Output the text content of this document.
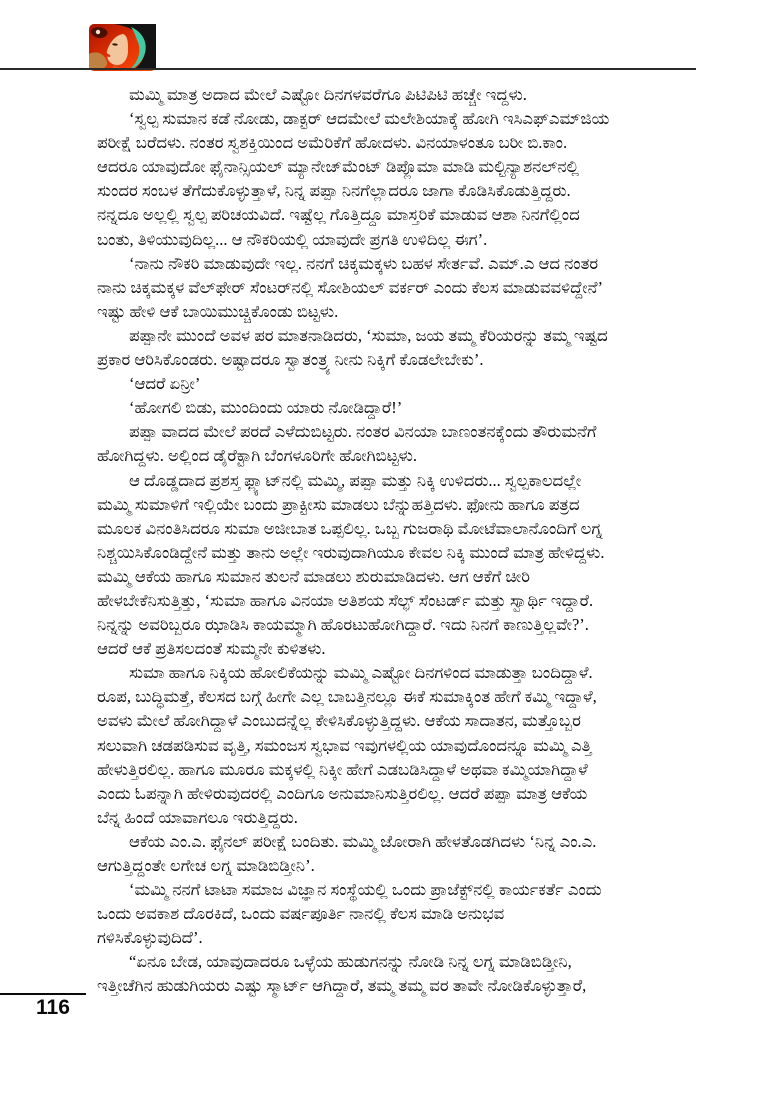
ಮಮ್ಮಿ ಮಾತ್ರ ಅದಾದ ಮೇಲೆ ಎಷ್ಟೋ ದಿನಗಳವರೆಗೂ ಪಿಟಿಪಿಟಿ ಹಚ್ಚೇ ಇದ್ದಳು.
‘ಸ್ವಲ್ಪ ಸುಮಾನ ಕಡೆ ನೋಡು, ಡಾಕ್ಟರ್ ಆದಮೇಲೆ ಮಲೇಶಿಯಾಕ್ಕೆ ಹೋಗಿ ಇಸಿಎಫ್‌ಎಮ್‌ಜಿಯ
ಪರೀಕ್ಷೆ ಬರೆದಳು. ನಂತರ ಸ್ವಶಕ್ತಿಯಿಂದ ಅಮೆರಿಕೆಗೆ ಹೋದಳು. ವಿನಯಾಳಂತೂ ಬರೀ ಬಿ.ಕಾಂ.
ಆದರೂ ಯಾವುದೋ ಫೈನಾನ್ಸಿಯಲ್ ಮ್ಯಾನೇಜ್‌ಮೆಂಟ್ ಡಿಪ್ಲೊಮಾ ಮಾಡಿ ಮಲ್ಟಿನ್ಯಾಶನಲ್‌ನಲ್ಲಿ
ಸುಂದರ ಸಂಬಳ ತೆಗೆದುಕೊಳ್ಳುತ್ತಾಳೆ, ನಿನ್ನ ಪಪ್ಪಾ ನಿನಗೆಲ್ಲಾದರೂ ಜಾಗಾ ಕೊಡಿಸಿಕೊಡುತ್ತಿದ್ದರು.
ನನ್ನದೂ ಅಲ್ಲಲ್ಲಿ ಸ್ವಲ್ಪ ಪರಿಚಯವಿದೆ. ಇಷ್ಟೆಲ್ಲ ಗೊತ್ತಿದ್ದೂ ಮಾಸ್ತರಿಕೆ ಮಾಡುವ ಆಶಾ ನಿನಗೆಲ್ಲಿಂದ
ಬಂತು, ತಿಳಿಯುವುದಿಲ್ಲ... ಆ ನೌಕರಿಯಲ್ಲಿ ಯಾವುದೇ ಪ್ರಗತಿ ಉಳಿದಿಲ್ಲ ಈಗ’.
‘ನಾನು ನೌಕರಿ ಮಾಡುವುದೇ ಇಲ್ಲ. ನನಗೆ ಚಿಕ್ಕಮಕ್ಕಳು ಬಹಳ ಸೇರ್ತವೆ. ಎಮ್.ಎ ಆದ ನಂತರ
ನಾನು ಚಿಕ್ಕಮಕ್ಕಳ ವೆಲ್‌ಫೇರ್ ಸೆಂಟರ್‌ನಲ್ಲಿ ಸೋಶಿಯಲ್ ವರ್ಕರ್ ಎಂದು ಕೆಲಸ ಮಾಡುವವಳಿದ್ದೇನೆ’
ಇಷ್ಟು ಹೇಳಿ ಆಕೆ ಬಾಯಿಮುಚ್ಚಿಕೊಂಡು ಬಿಟ್ಟಳು.
ಪಪ್ಪಾನೇ ಮುಂದೆ ಅವಳ ಪರ ಮಾತನಾಡಿದರು, ‘ಸುಮಾ, ಜಯ ತಮ್ಮ ಕೆರಿಯರನ್ನು ತಮ್ಮ ಇಷ್ಟದ
ಪ್ರಕಾರ ಆರಿಸಿಕೊಂಡರು. ಅಷ್ಟಾದರೂ ಸ್ವಾತಂತ್ರ್ಯ ನೀನು ನಿಕ್ಕಿಗೆ ಕೊಡಲೇಬೇಕು’.
‘ಆದರೆ ಏನ್ರೀ’
‘ಹೋಗಲಿ ಬಿಡು, ಮುಂದಿಂದು ಯಾರು ನೋಡಿದ್ದಾರೆ!’
ಪಪ್ಪಾ ವಾದದ ಮೇಲೆ ಪರದೆ ಎಳೆದುಬಿಟ್ಟರು. ನಂತರ ವಿನಯಾ ಬಾಣಂತನಕ್ಕೆಂದು ತೌರುಮನೆಗೆ
ಹೋಗಿದ್ದಳು. ಅಲ್ಲಿಂದ ಡೈರೆಕ್ಟಾಗಿ ಬೆಂಗಳೂರಿಗೇ ಹೋಗಿಬಿಟ್ಟಳು.
ಆ ದೊಡ್ಡದಾದ ಪ್ರಶಸ್ತ ಫ್ಲ್ಯಾಟ್‌ನಲ್ಲಿ ಮಮ್ಮಿ, ಪಪ್ಪಾ ಮತ್ತು ನಿಕ್ಕಿ ಉಳಿದರು... ಸ್ವಲ್ಪಕಾಲದಲ್ಲೇ
ಮಮ್ಮಿ ಸುಮಾಳಿಗೆ ಇಲ್ಲಿಯೇ ಬಂದು ಪ್ರಾಕ್ಟೀಸು ಮಾಡಲು ಬೆನ್ನುಹತ್ತಿದಳು. ಫೋನು ಹಾಗೂ ಪತ್ರದ
ಮೂಲಕ ವಿನಂತಿಸಿದರೂ ಸುಮಾ ಅಜೀಬಾತ ಒಪ್ಪಲಿಲ್ಲ. ಒಬ್ಬ ಗುಜರಾಥಿ ಮೋಟೆವಾಲಾನೊಂದಿಗೆ ಲಗ್ನ
ನಿಶ್ಚಯಿಸಿಕೊಂಡಿದ್ದೇನೆ ಮತ್ತು ತಾನು ಅಲ್ಲೇ ಇರುವುದಾಗಿಯೂ ಕೇವಲ ನಿಕ್ಕಿ ಮುಂದೆ ಮಾತ್ರ ಹೇಳಿದ್ದಳು.
ಮಮ್ಮಿ ಆಕೆಯ ಹಾಗೂ ಸುಮಾನ ತುಲನೆ ಮಾಡಲು ಶುರುಮಾಡಿದಳು. ಆಗ ಆಕೆಗೆ ಚೀರಿ
ಹೇಳಬೇಕೆನಿಸುತ್ತಿತ್ತು, ‘ಸುಮಾ ಹಾಗೂ ವಿನಯಾ ಅತಿಶಯ ಸೆಲ್ಫ್ ಸೆಂಟರ್ಡ್ ಮತ್ತು ಸ್ವಾರ್ಥಿ ಇದ್ದಾರೆ.
ನಿನ್ನನ್ನು ಅವರಿಬ್ಬರೂ ಝಾಡಿಸಿ ಕಾಯಮ್ಮಾಗಿ ಹೊರಟುಹೋಗಿದ್ದಾರೆ. ಇದು ನಿನಗೆ ಕಾಣುತ್ತಿಲ್ಲವೇ?’.
ಆದರೆ ಆಕೆ ಪ್ರತಿಸಲದಂತೆ ಸುಮ್ಮನೇ ಕುಳಿತಳು.
ಸುಮಾ ಹಾಗೂ ನಿಕ್ಕಿಯ ಹೋಲಿಕೆಯನ್ನು ಮಮ್ಮಿ ಎಷ್ಟೋ ದಿನಗಳಿಂದ ಮಾಡುತ್ತಾ ಬಂದಿದ್ದಾಳೆ.
ರೂಪ, ಬುದ್ಧಿಮತ್ತೆ, ಕೆಲಸದ ಬಗ್ಗೆ ಹೀಗೇ ಎಲ್ಲ ಬಾಬತ್ತಿನಲ್ಲೂ ಈಕೆ ಸುಮಾಕ್ಕಿಂತ ಹೇಗೆ ಕಮ್ಮಿ ಇದ್ದಾಳೆ,
ಅವಳು ಮೇಲೆ ಹೋಗಿದ್ದಾಳೆ ಎಂಬುದನ್ನೆಲ್ಲ ಕೇಳಿಸಿಕೊಳ್ಳುತ್ತಿದ್ದಳು. ಆಕೆಯ ಸಾದಾತನ, ಮತ್ತೊಬ್ಬರ
ಸಲುವಾಗಿ ಚಡಪಡಿಸುವ ವೃತ್ತಿ, ಸಮಂಜಸ ಸ್ವಭಾವ ಇವುಗಳಲ್ಲಿಯ ಯಾವುದೊಂದನ್ನೂ ಮಮ್ಮಿ ಎತ್ತಿ
ಹೇಳುತ್ತಿರಲಿಲ್ಲ. ಹಾಗೂ ಮೂರೂ ಮಕ್ಕಳಲ್ಲಿ ನಿಕ್ಕೀ ಹೇಗೆ ಎಡಬಡಿಸಿದ್ದಾಳೆ ಅಥವಾ ಕಮ್ಮಿಯಾಗಿದ್ದಾಳೆ
ಎಂದು ಓಪನ್ನಾಗಿ ಹೇಳಿರುವುದರಲ್ಲಿ ಎಂದಿಗೂ ಅನುಮಾನಿಸುತ್ತಿರಲಿಲ್ಲ. ಆದರೆ ಪಪ್ಪಾ ಮಾತ್ರ ಆಕೆಯ
ಬೆನ್ನ ಹಿಂದೆ ಯಾವಾಗಲೂ ಇರುತ್ತಿದ್ದರು.
ಆಕೆಯ ಎಂ.ಎ. ಫೈನಲ್ ಪರೀಕ್ಷೆ ಬಂದಿತು. ಮಮ್ಮಿ ಜೋರಾಗಿ ಹೇಳತೊಡಗಿದಳು ‘ನಿನ್ನ ಎಂ.ಎ.
ಆಗುತ್ತಿದ್ದಂತೇ ಲಗೇಚ ಲಗ್ನ ಮಾಡಿಬಿಡ್ತೀನಿ’.
‘ಮಮ್ಮಿ ನನಗೆ ಟಾಟಾ ಸಮಾಜ ವಿಜ್ಞಾನ ಸಂಸ್ಥೆಯಲ್ಲಿ ಒಂದು ಪ್ರಾಜೆಕ್ಟ್‌ನಲ್ಲಿ ಕಾರ್ಯಕರ್ತೆ ಎಂದು
ಒಂದು ಅವಕಾಶ ದೊರಕಿದೆ, ಒಂದು ವರ್ಷಪೂರ್ತಿ ನಾನಲ್ಲಿ ಕೆಲಸ ಮಾಡಿ ಅನುಭವ
ಗಳಿಸಿಕೊಳ್ಳುವುದಿದೆ’.
“ಏನೂ ಬೇಡ, ಯಾವುದಾದರೂ ಒಳ್ಳೆಯ ಹುಡುಗನನ್ನು ನೋಡಿ ನಿನ್ನ ಲಗ್ನ ಮಾಡಿಬಿಡ್ತೀನಿ,
ಇತ್ತೀಚೆಗಿನ ಹುಡುಗಿಯರು ಎಷ್ಟು ಸ್ಮಾರ್ಟ್ ಆಗಿದ್ದಾರೆ, ತಮ್ಮ ತಮ್ಮ ವರ ತಾವೇ ನೋಡಿಕೊಳ್ಳುತ್ತಾರೆ,
116
